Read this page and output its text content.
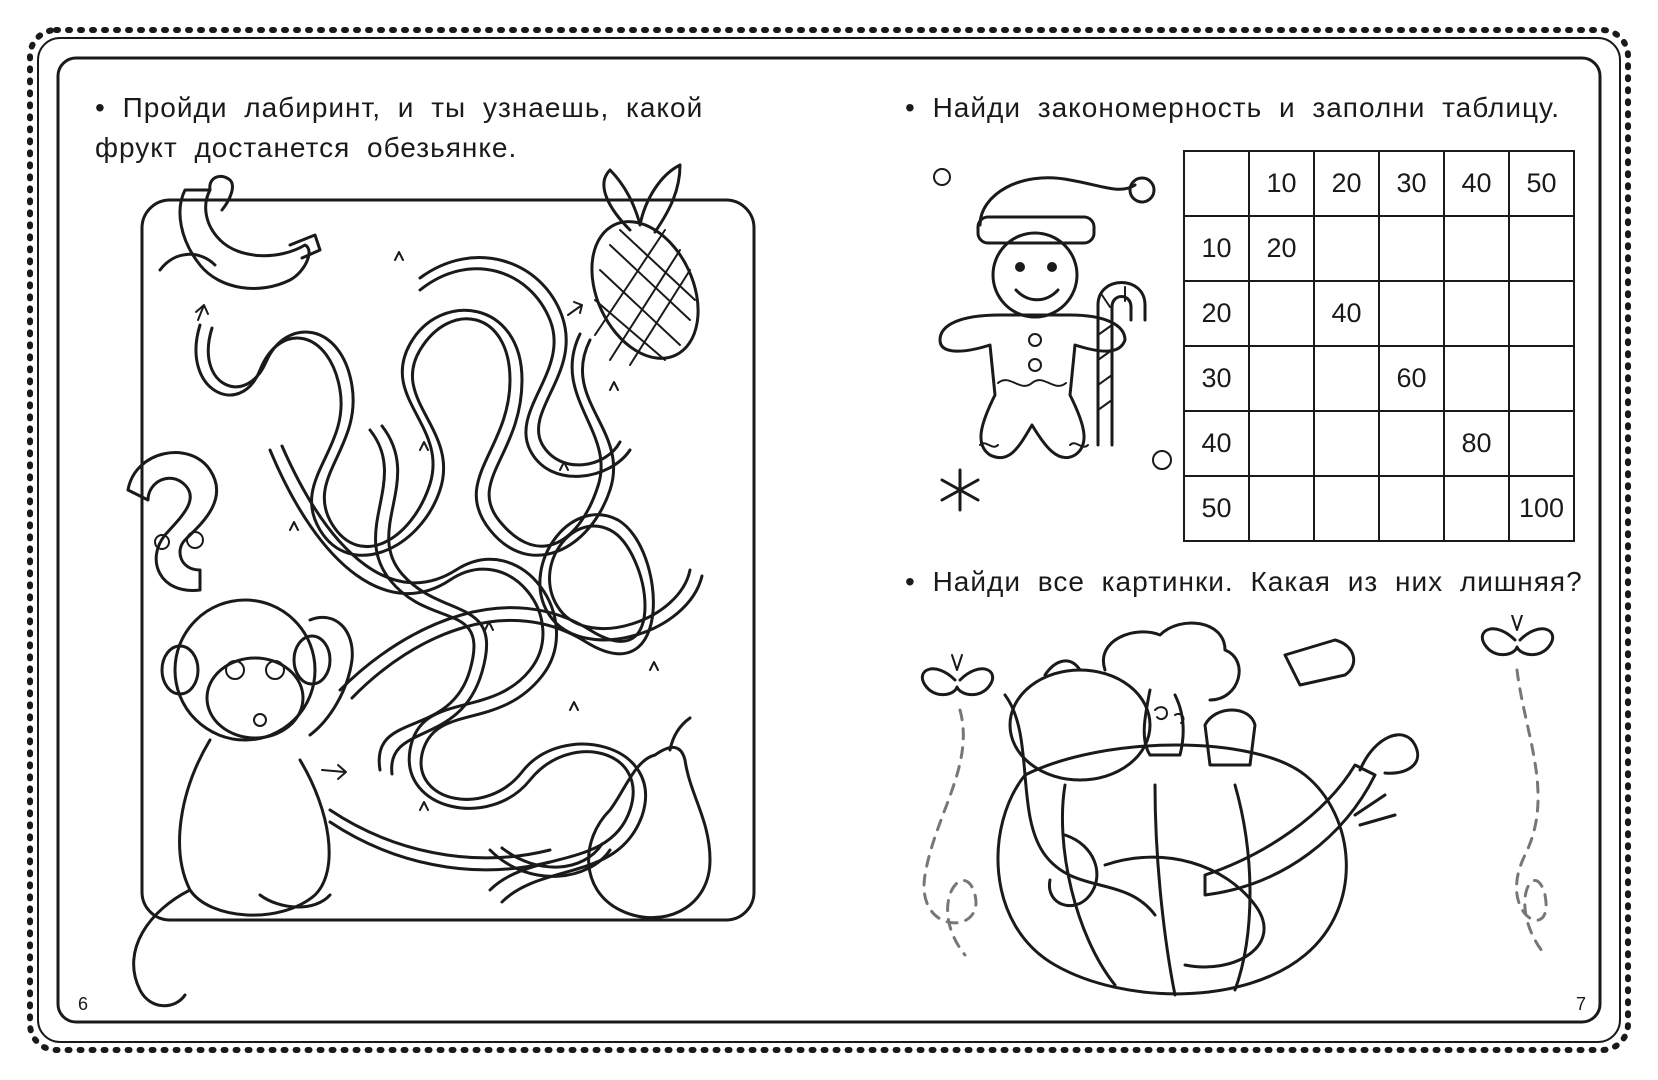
• Пройди лабиринт, и ты узнаешь, какой
фрукт достанется обезьянке.
6
• Найди закономерность и заполни таблицу.
	10	20	30	40	50
10	20				
20		40			
30			60		
40				80	
50					100
• Найди все картинки. Какая из них лишняя?
7
